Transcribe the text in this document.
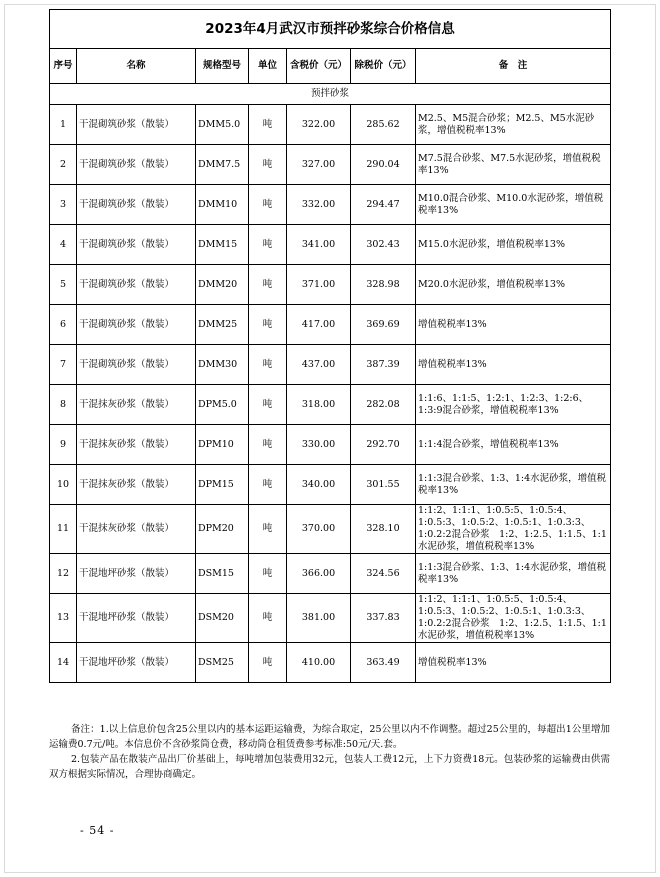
2023年4月武汉市预拌砂浆综合价格信息						
序号	名称	规格型号	单位	含税价（元）	除税价（元）	备　注
预拌砂浆						
1	干混砌筑砂浆（散装）	DMM5.0	吨	322.00	285.62	M2.5、M5混合砂浆；M2.5、M5水泥砂浆，增值税税率13%
2	干混砌筑砂浆（散装）	DMM7.5	吨	327.00	290.04	M7.5混合砂浆、M7.5水泥砂浆，增值税税率13%
3	干混砌筑砂浆（散装）	DMM10	吨	332.00	294.47	M10.0混合砂浆、M10.0水泥砂浆，增值税税率13%
4	干混砌筑砂浆（散装）	DMM15	吨	341.00	302.43	M15.0水泥砂浆，增值税税率13%
5	干混砌筑砂浆（散装）	DMM20	吨	371.00	328.98	M20.0水泥砂浆，增值税税率13%
6	干混砌筑砂浆（散装）	DMM25	吨	417.00	369.69	增值税税率13%
7	干混砌筑砂浆（散装）	DMM30	吨	437.00	387.39	增值税税率13%
8	干混抹灰砂浆（散装）	DPM5.0	吨	318.00	282.08	1:1:6、1:1:5、1:2:1、1:2:3、1:2:6、1:3:9混合砂浆，增值税税率13%
9	干混抹灰砂浆（散装）	DPM10	吨	330.00	292.70	1:1:4混合砂浆，增值税税率13%
10	干混抹灰砂浆（散装）	DPM15	吨	340.00	301.55	1:1:3混合砂浆、1:3、1:4水泥砂浆，增值税税率13%
11	干混抹灰砂浆（散装）	DPM20	吨	370.00	328.10	1:1:2、1:1:1、1:0.5:5、1:0.5:4、1:0.5:3、1:0.5:2、1:0.5:1、1:0.3:3、1:0.2:2混合砂浆　1:2、1:2.5、1:1.5、1:1水泥砂浆，增值税税率13%
12	干混地坪砂浆（散装）	DSM15	吨	366.00	324.56	1:1:3混合砂浆、1:3、1:4水泥砂浆，增值税税率13%
13	干混地坪砂浆（散装）	DSM20	吨	381.00	337.83	1:1:2、1:1:1、1:0.5:5、1:0.5:4、1:0.5:3、1:0.5:2、1:0.5:1、1:0.3:3、1:0.2:2混合砂浆　1:2、1:2.5、1:1.5、1:1水泥砂浆，增值税税率13%
14	干混地坪砂浆（散装）	DSM25	吨	410.00	363.49	增值税税率13%

备注：1.以上信息价包含25公里以内的基本运距运输费，为综合取定，25公里以内不作调整。超过25公里的，每超出1公里增加运输费0.7元/吨。本信息价不含砂浆筒仓费，移动筒仓租赁费参考标准:50元/天.套。

2.包装产品在散装产品出厂价基础上，每吨增加包装费用32元，包装人工费12元，上下力资费18元。包装砂浆的运输费由供需双方根据实际情况，合理协商确定。

- 54 -
